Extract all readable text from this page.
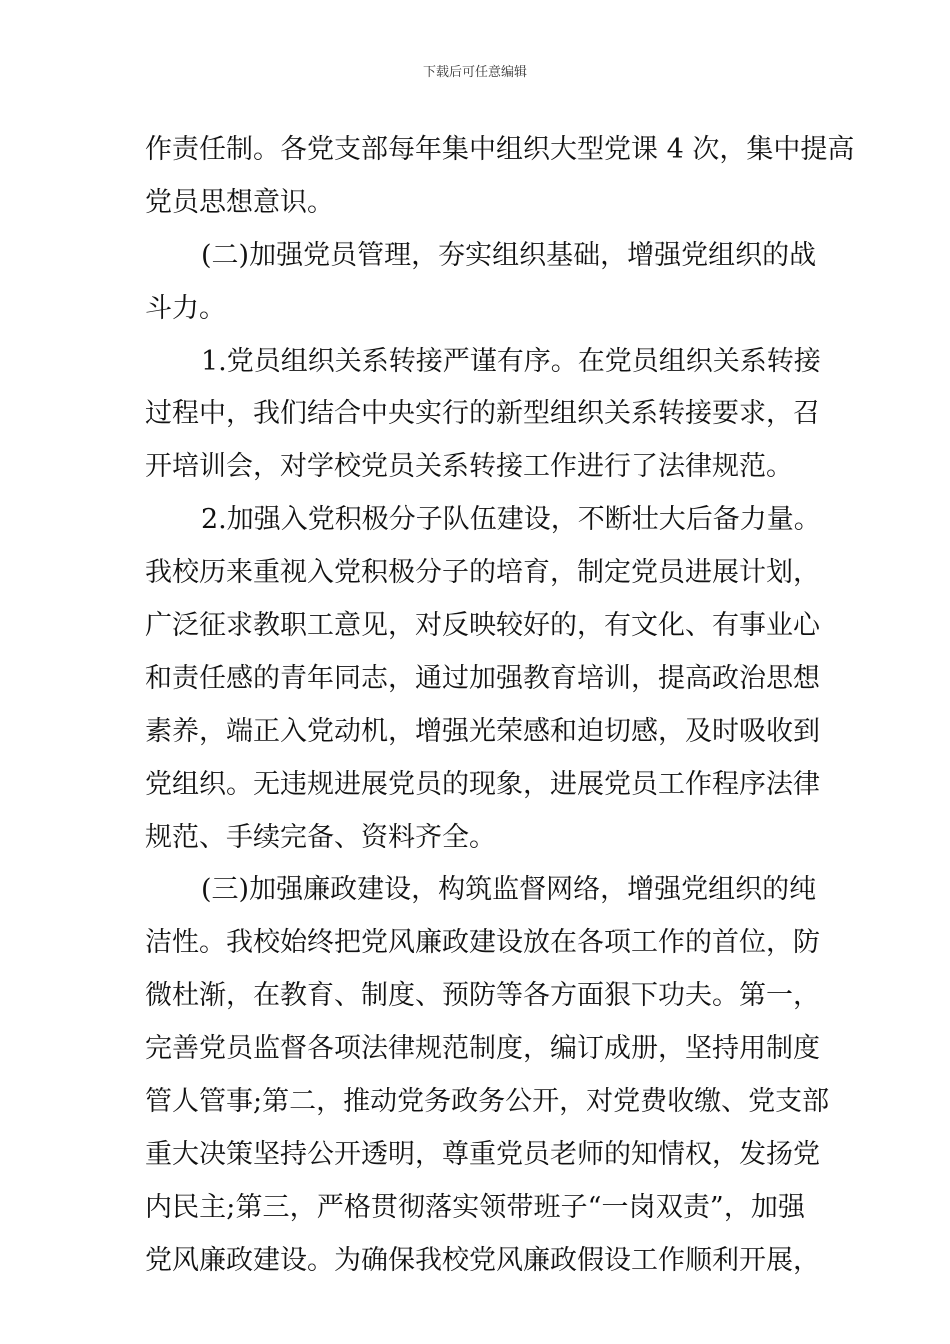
下载后可任意编辑
作责任制。各党支部每年集中组织大型党课 4 次，集中提高
党员思想意识。
(二)加强党员管理，夯实组织基础，增强党组织的战
斗力。
1.党员组织关系转接严谨有序。在党员组织关系转接
过程中，我们结合中央实行的新型组织关系转接要求，召
开培训会，对学校党员关系转接工作进行了法律规范。
2.加强入党积极分子队伍建设，不断壮大后备力量。
我校历来重视入党积极分子的培育，制定党员进展计划，
广泛征求教职工意见，对反映较好的，有文化、有事业心
和责任感的青年同志，通过加强教育培训，提高政治思想
素养，端正入党动机，增强光荣感和迫切感，及时吸收到
党组织。无违规进展党员的现象，进展党员工作程序法律
规范、手续完备、资料齐全。
(三)加强廉政建设，构筑监督网络，增强党组织的纯
洁性。我校始终把党风廉政建设放在各项工作的首位，防
微杜渐，在教育、制度、预防等各方面狠下功夫。第一，
完善党员监督各项法律规范制度，编订成册，坚持用制度
管人管事;第二，推动党务政务公开，对党费收缴、党支部
重大决策坚持公开透明，尊重党员老师的知情权，发扬党
内民主;第三，严格贯彻落实领带班子“一岗双责”，加强
党风廉政建设。为确保我校党风廉政假设工作顺利开展，
